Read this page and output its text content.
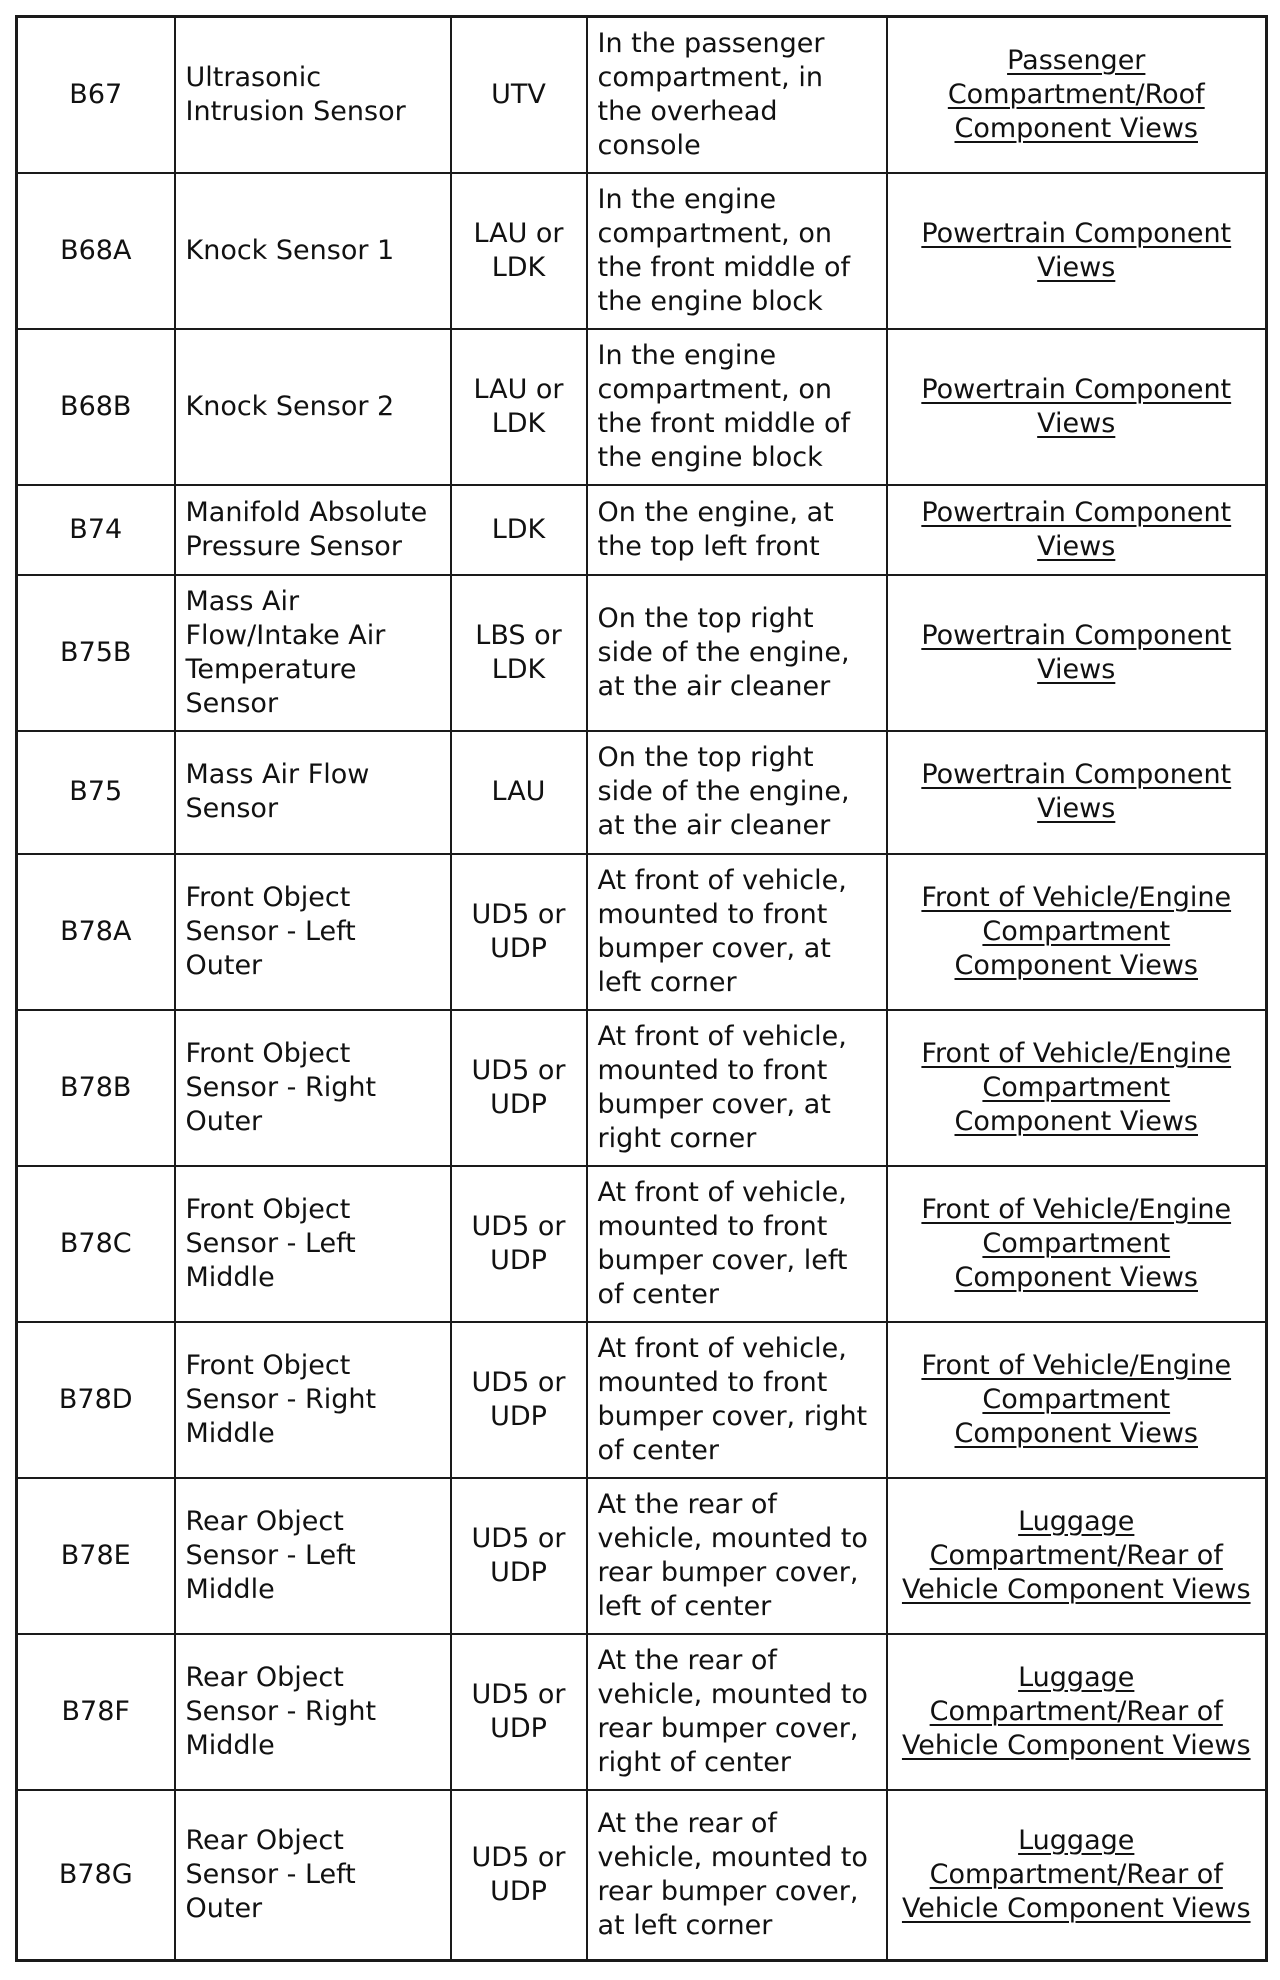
B67	Ultrasonic
Intrusion Sensor	UTV	In the passenger
compartment, in
the overhead
console	Passenger
Compartment/Roof
Component Views

B68A	Knock Sensor 1	LAU or
LDK	In the engine
compartment, on
the front middle of
the engine block	Powertrain Component
Views

B68B	Knock Sensor 2	LAU or
LDK	In the engine
compartment, on
the front middle of
the engine block	Powertrain Component
Views

B74	Manifold Absolute
Pressure Sensor	LDK	On the engine, at
the top left front	Powertrain Component
Views

B75B	Mass Air
Flow/Intake Air
Temperature
Sensor	LBS or
LDK	On the top right
side of the engine,
at the air cleaner	Powertrain Component
Views

B75	Mass Air Flow
Sensor	LAU	On the top right
side of the engine,
at the air cleaner	Powertrain Component
Views

B78A	Front Object
Sensor - Left
Outer	UD5 or
UDP	At front of vehicle,
mounted to front
bumper cover, at
left corner	Front of Vehicle/Engine
Compartment
Component Views

B78B	Front Object
Sensor - Right
Outer	UD5 or
UDP	At front of vehicle,
mounted to front
bumper cover, at
right corner	Front of Vehicle/Engine
Compartment
Component Views

B78C	Front Object
Sensor - Left
Middle	UD5 or
UDP	At front of vehicle,
mounted to front
bumper cover, left
of center	Front of Vehicle/Engine
Compartment
Component Views

B78D	Front Object
Sensor - Right
Middle	UD5 or
UDP	At front of vehicle,
mounted to front
bumper cover, right
of center	Front of Vehicle/Engine
Compartment
Component Views

B78E	Rear Object
Sensor - Left
Middle	UD5 or
UDP	At the rear of
vehicle, mounted to
rear bumper cover,
left of center	Luggage
Compartment/Rear of
Vehicle Component Views

B78F	Rear Object
Sensor - Right
Middle	UD5 or
UDP	At the rear of
vehicle, mounted to
rear bumper cover,
right of center	Luggage
Compartment/Rear of
Vehicle Component Views

B78G	Rear Object
Sensor - Left
Outer	UD5 or
UDP	At the rear of
vehicle, mounted to
rear bumper cover,
at left corner	Luggage
Compartment/Rear of
Vehicle Component Views
